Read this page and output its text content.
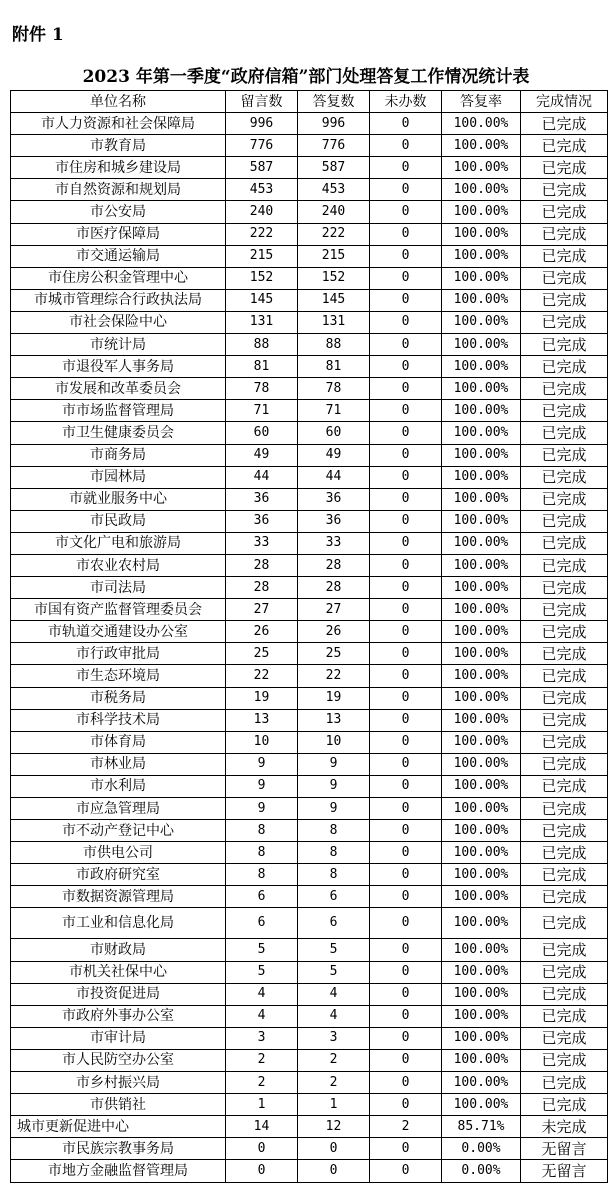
附件 1
2023 年第一季度“政府信箱”部门处理答复工作情况统计表
单位名称	留言数	答复数	未办数	答复率	完成情况
市人力资源和社会保障局	996	996	0	100.00%	已完成
市教育局	776	776	0	100.00%	已完成
市住房和城乡建设局	587	587	0	100.00%	已完成
市自然资源和规划局	453	453	0	100.00%	已完成
市公安局	240	240	0	100.00%	已完成
市医疗保障局	222	222	0	100.00%	已完成
市交通运输局	215	215	0	100.00%	已完成
市住房公积金管理中心	152	152	0	100.00%	已完成
市城市管理综合行政执法局	145	145	0	100.00%	已完成
市社会保险中心	131	131	0	100.00%	已完成
市统计局	88	88	0	100.00%	已完成
市退役军人事务局	81	81	0	100.00%	已完成
市发展和改革委员会	78	78	0	100.00%	已完成
市市场监督管理局	71	71	0	100.00%	已完成
市卫生健康委员会	60	60	0	100.00%	已完成
市商务局	49	49	0	100.00%	已完成
市园林局	44	44	0	100.00%	已完成
市就业服务中心	36	36	0	100.00%	已完成
市民政局	36	36	0	100.00%	已完成
市文化广电和旅游局	33	33	0	100.00%	已完成
市农业农村局	28	28	0	100.00%	已完成
市司法局	28	28	0	100.00%	已完成
市国有资产监督管理委员会	27	27	0	100.00%	已完成
市轨道交通建设办公室	26	26	0	100.00%	已完成
市行政审批局	25	25	0	100.00%	已完成
市生态环境局	22	22	0	100.00%	已完成
市税务局	19	19	0	100.00%	已完成
市科学技术局	13	13	0	100.00%	已完成
市体育局	10	10	0	100.00%	已完成
市林业局	9	9	0	100.00%	已完成
市水利局	9	9	0	100.00%	已完成
市应急管理局	9	9	0	100.00%	已完成
市不动产登记中心	8	8	0	100.00%	已完成
市供电公司	8	8	0	100.00%	已完成
市政府研究室	8	8	0	100.00%	已完成
市数据资源管理局	6	6	0	100.00%	已完成
市工业和信息化局	6	6	0	100.00%	已完成
市财政局	5	5	0	100.00%	已完成
市机关社保中心	5	5	0	100.00%	已完成
市投资促进局	4	4	0	100.00%	已完成
市政府外事办公室	4	4	0	100.00%	已完成
市审计局	3	3	0	100.00%	已完成
市人民防空办公室	2	2	0	100.00%	已完成
市乡村振兴局	2	2	0	100.00%	已完成
市供销社	1	1	0	100.00%	已完成
城市更新促进中心	14	12	2	85.71%	未完成
市民族宗教事务局	0	0	0	0.00%	无留言
市地方金融监督管理局	0	0	0	0.00%	无留言
